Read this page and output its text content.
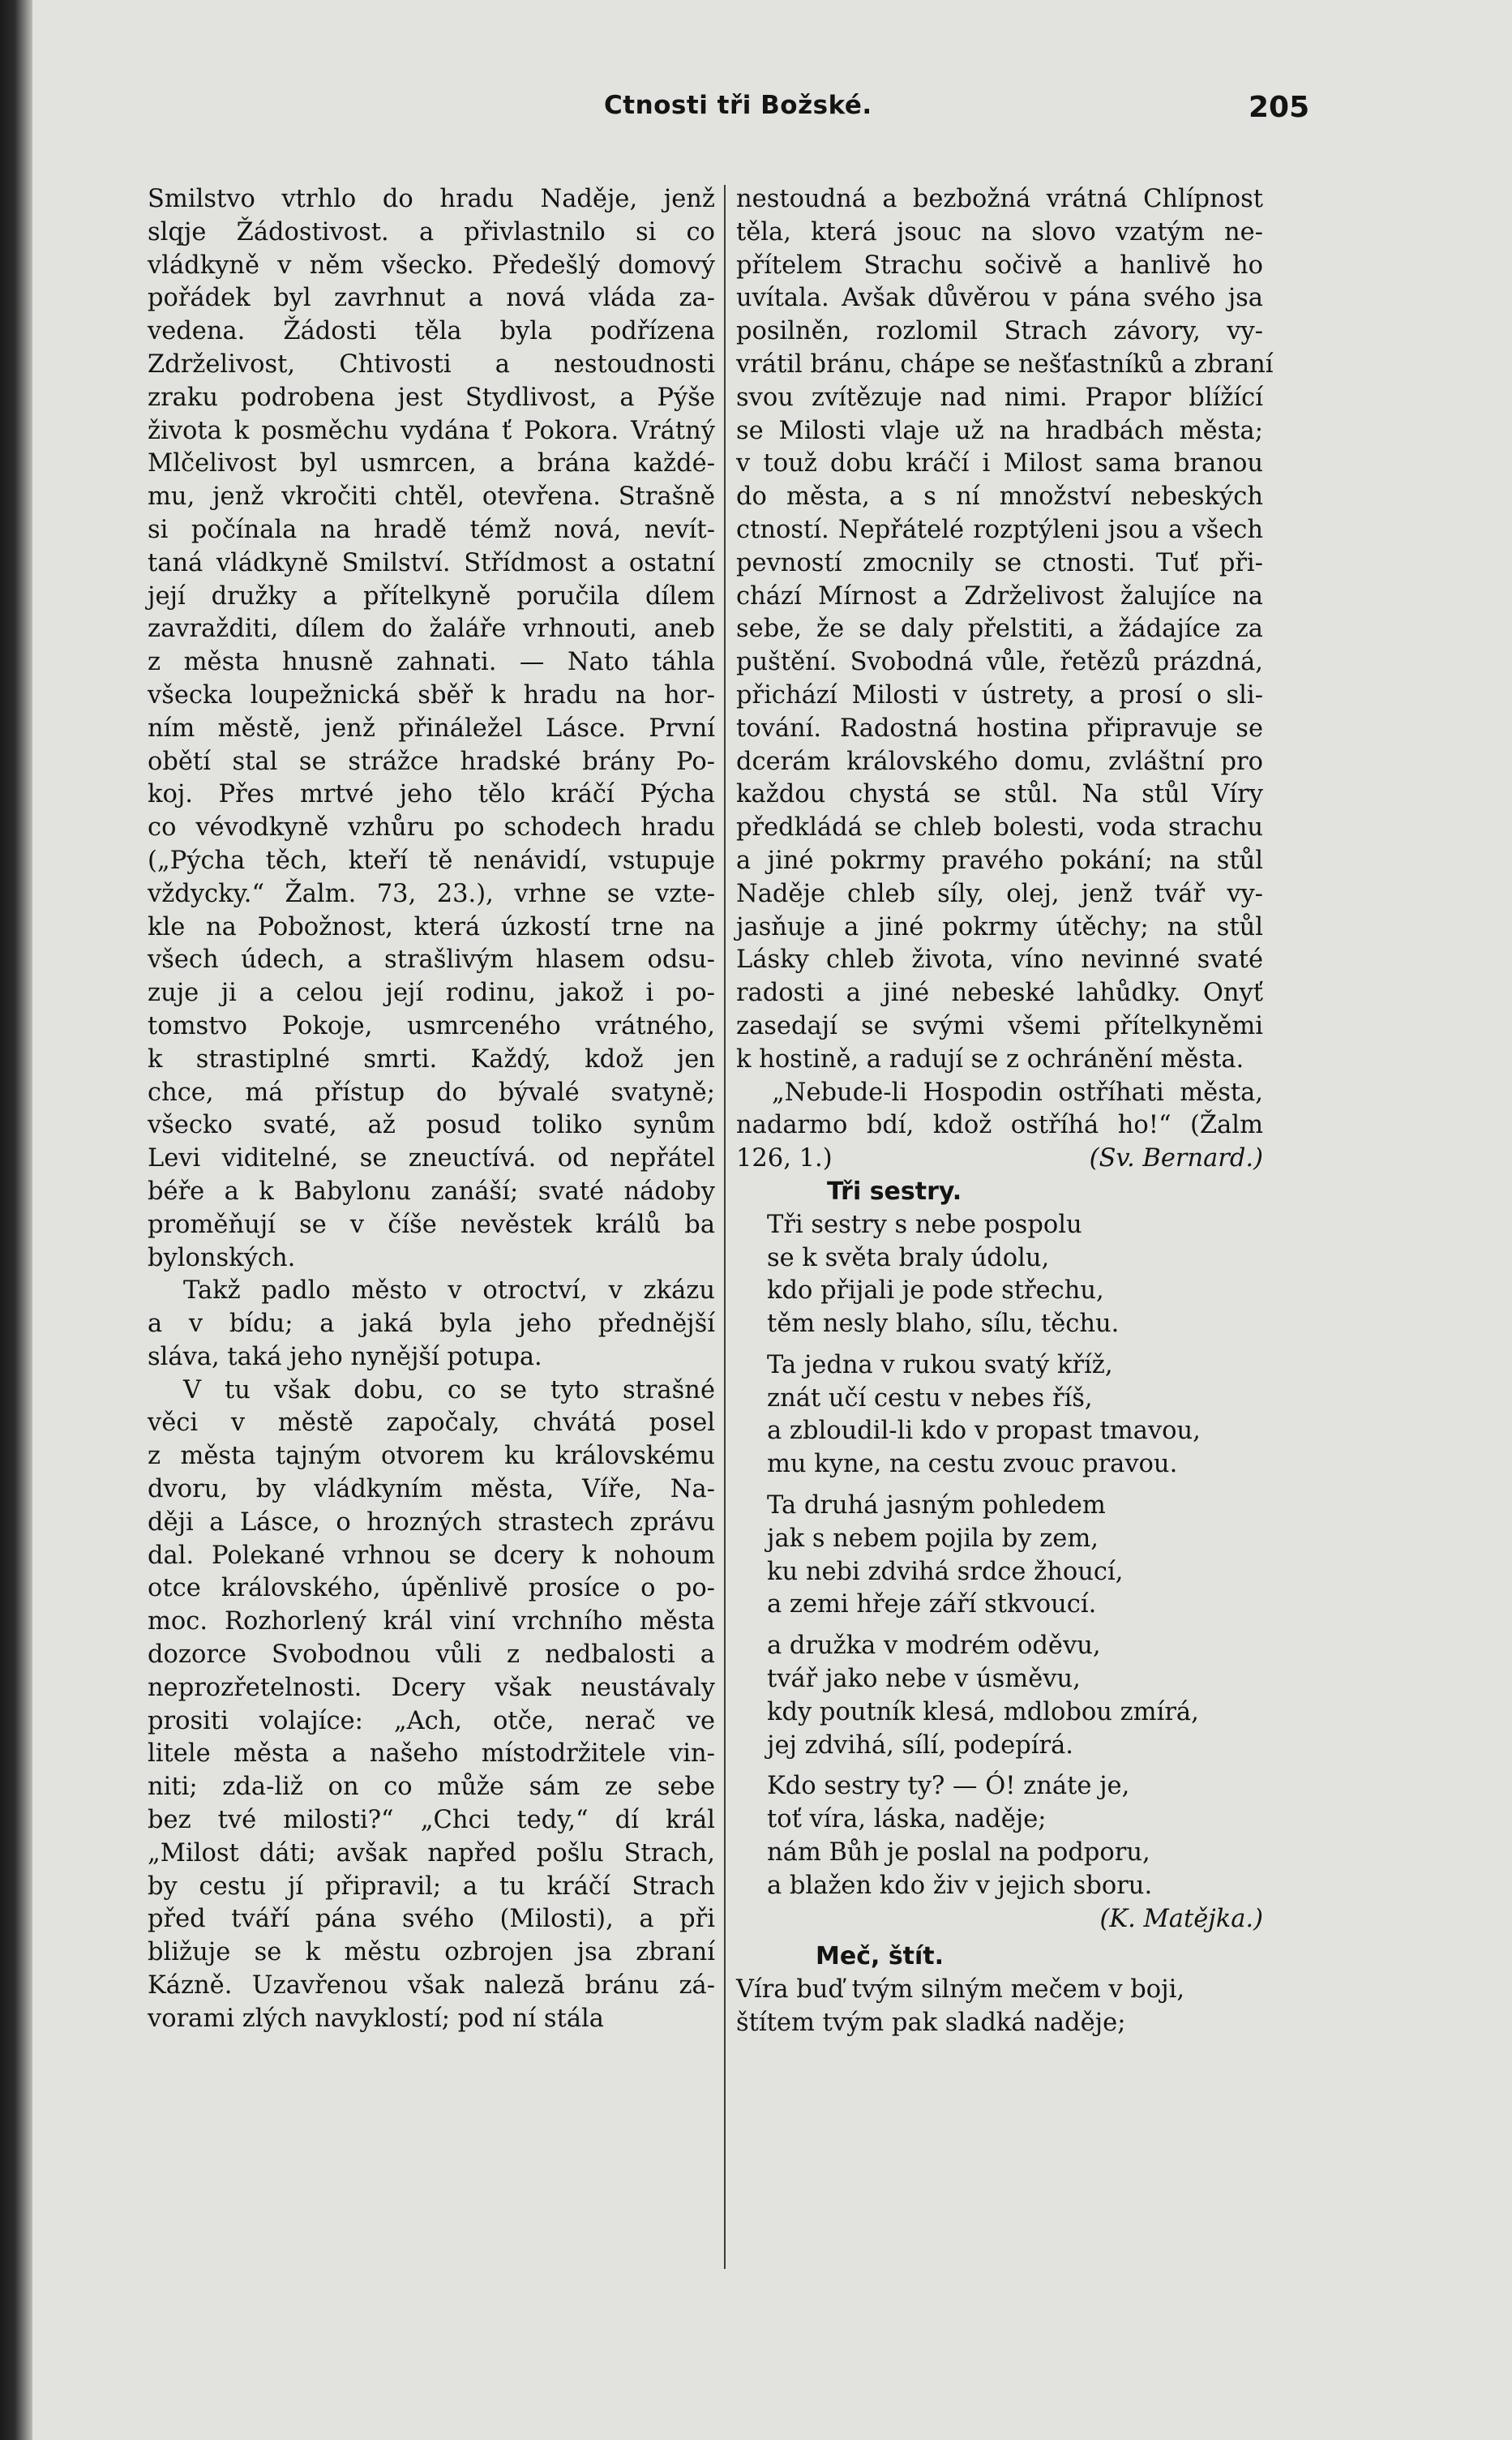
Ctnosti tři Božské.	205
Smilstvo vtrhlo do hradu Naděje, jenž
slqje Žádostivost. a přivlastnilo si co
vládkyně v něm všecko. Předešlý domový
pořádek byl zavrhnut a nová vláda za-
vedena. Žádosti těla byla podřízena
Zdrželivost, Chtivosti a nestoudnosti
zraku podrobena jest Stydlivost, a Pýše
života k posměchu vydána ť Pokora. Vrátný
Mlčelivost byl usmrcen, a brána každé-
mu, jenž vkročiti chtěl, otevřena. Strašně
si počínala na hradě témž nová, nevít-
taná vládkyně Smilství. Střídmost a ostatní
její družky a přítelkyně poručila dílem
zavražditi, dílem do žaláře vrhnouti, aneb
z města hnusně zahnati. — Nato táhla
všecka loupežnická sběř k hradu na hor-
ním městě, jenž přináležel Lásce. První
obětí stal se strážce hradské brány Po-
koj. Přes mrtvé jeho tělo kráčí Pýcha
co vévodkyně vzhůru po schodech hradu
(„Pýcha těch, kteří tě nenávidí, vstupuje
vždycky.“ Žalm. 73, 23.), vrhne se vzte-
kle na Pobožnost, která úzkostí trne na
všech údech, a strašlivým hlasem odsu-
zuje ji a celou její rodinu, jakož i po-
tomstvo Pokoje, usmrceného vrátného,
k strastiplné smrti. Každý, kdož jen
chce, má přístup do bývalé svatyně;
všecko svaté, až posud toliko synům
Levi viditelné, se zneuctívá. od nepřátel
béře a k Babylonu zanáší; svaté nádoby
proměňují se v číše nevěstek králů ba
bylonských.
Takž padlo město v otroctví, v zkázu
a v bídu; a jaká byla jeho přednější
sláva, taká jeho nynější potupa.
V tu však dobu, co se tyto strašné
věci v městě započaly, chvátá posel
z města tajným otvorem ku královskému
dvoru, by vládkyním města, Víře, Na-
ději a Lásce, o hrozných strastech zprávu
dal. Polekané vrhnou se dcery k nohoum
otce královského, úpěnlivě prosíce o po-
moc. Rozhorlený král viní vrchního města
dozorce Svobodnou vůli z nedbalosti a
neprozřetelnosti. Dcery však neustávaly
prositi volajíce: „Ach, otče, nerač ve
litele města a našeho místodržitele vin-
niti; zda-liž on co může sám ze sebe
bez tvé milosti?“ „Chci tedy,“ dí král
„Milost dáti; avšak napřed pošlu Strach,
by cestu jí připravil; a tu kráčí Strach
před tváří pána svého (Milosti), a při
bližuje se k městu ozbrojen jsa zbraní
Kázně. Uzavřenou však naleză bránu zá-
vorami zlých navyklostí; pod ní stála
nestoudná a bezbožná vrátná Chlípnost
těla, která jsouc na slovo vzatým ne-
přítelem Strachu sočivě a hanlivě ho
uvítala. Avšak důvěrou v pána svého jsa
posilněn, rozlomil Strach závory, vy-
vrátil bránu, chápe se nešťastníků a zbraní
svou zvítězuje nad nimi. Prapor blížící
se Milosti vlaje už na hradbách města;
v touž dobu kráčí i Milost sama branou
do města, a s ní množství nebeských
ctností. Nepřátelé rozptýleni jsou a všech
pevností zmocnily se ctnosti. Tuť při-
chází Mírnost a Zdrželivost žalujíce na
sebe, že se daly přelstiti, a žádajíce za
puštění. Svobodná vůle, řetězů prázdná,
přichází Milosti v ústrety, a prosí o sli-
tování. Radostná hostina připravuje se
dcerám královského domu, zvláštní pro
každou chystá se stůl. Na stůl Víry
předkládá se chleb bolesti, voda strachu
a jiné pokrmy pravého pokání; na stůl
Naděje chleb síly, olej, jenž tvář vy-
jasňuje a jiné pokrmy útěchy; na stůl
Lásky chleb života, víno nevinné svaté
radosti a jiné nebeské lahůdky. Onyť
zasedají se svými všemi přítelkyněmi
k hostině, a radují se z ochránění města.
„Nebude-li Hospodin ostříhati města,
nadarmo bdí, kdož ostříhá ho!“ (Žalm
126, 1.)	(Sv. Bernard.)
Tři sestry.
Tři sestry s nebe pospolu
se k světa braly údolu,
kdo přijali je pode střechu,
těm nesly blaho, sílu, těchu.
Ta jedna v rukou svatý kříž,
znát učí cestu v nebes říš,
a zbloudil-li kdo v propast tmavou,
mu kyne, na cestu zvouc pravou.
Ta druhá jasným pohledem
jak s nebem pojila by zem,
ku nebi zdvihá srdce žhoucí,
a zemi hřeje září stkvoucí.
a družka v modrém oděvu,
tvář jako nebe v úsměvu,
kdy poutník klesá, mdlobou zmírá,
jej zdvihá, sílí, podepírá.
Kdo sestry ty? — Ó! znáte je,
toť víra, láska, naděje;
nám Bůh je poslal na podporu,
a blažen kdo živ v jejich sboru.
(K. Matějka.)
Meč, štít.
Víra buď tvým silným mečem v boji,
štítem tvým pak sladká naděje;
